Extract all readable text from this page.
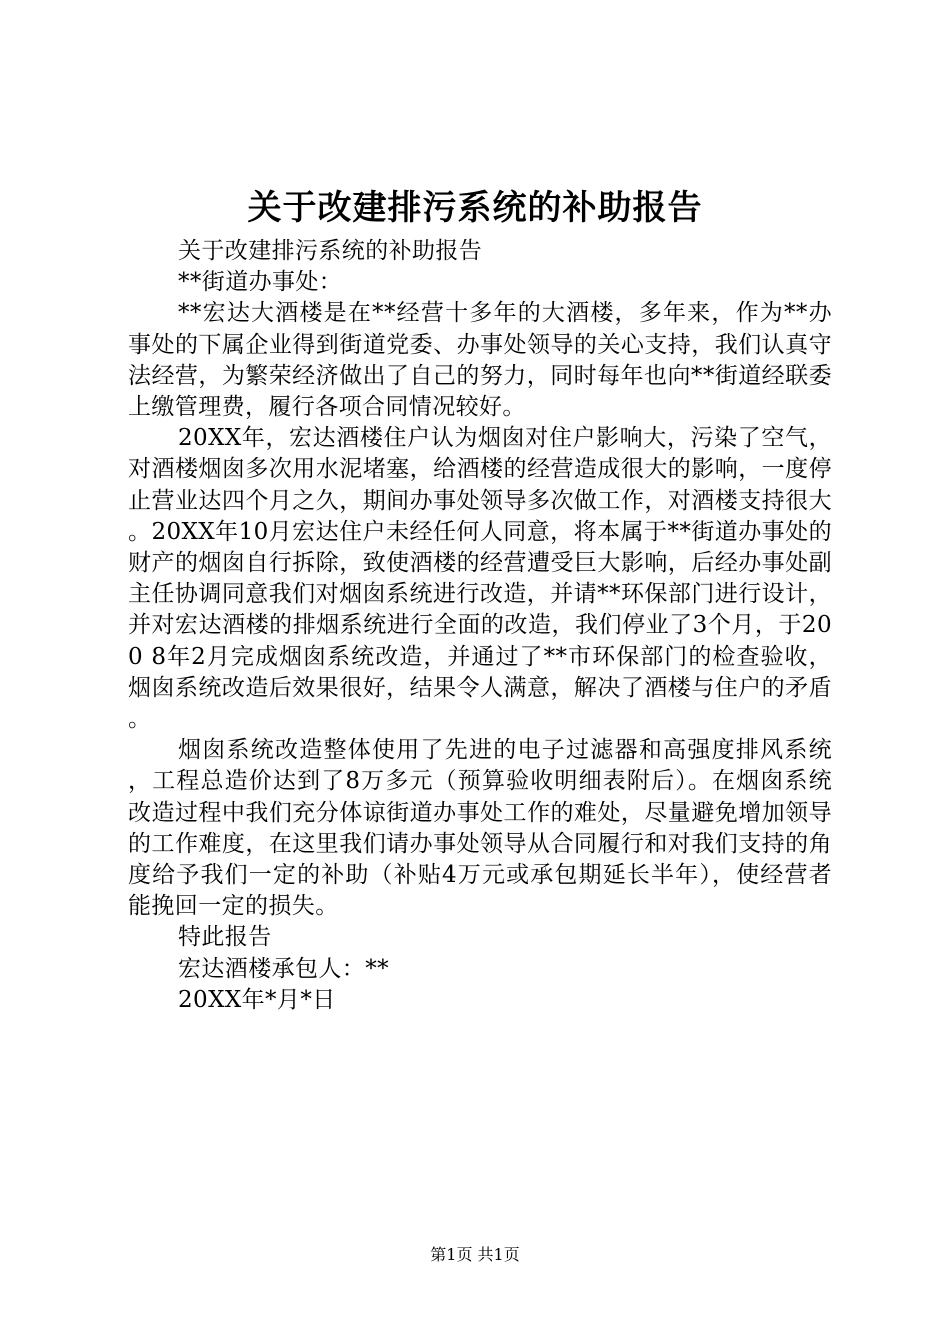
关于改建排污系统的补助报告

关于改建排污系统的补助报告

**街道办事处：

**宏达大酒楼是在**经营十多年的大酒楼，多年来，作为**办事处的下属企业得到街道党委、办事处领导的关心支持，我们认真守法经营，为繁荣经济做出了自己的努力，同时每年也向**街道经联委上缴管理费，履行各项合同情况较好。

20XX年，宏达酒楼住户认为烟囱对住户影响大，污染了空气，对酒楼烟囱多次用水泥堵塞，给酒楼的经营造成很大的影响，一度停止营业达四个月之久，期间办事处领导多次做工作，对酒楼支持很大。20XX年10月宏达住户未经任何人同意，将本属于**街道办事处的财产的烟囱自行拆除，致使酒楼的经营遭受巨大影响，后经办事处副主任协调同意我们对烟囱系统进行改造，并请**环保部门进行设计，并对宏达酒楼的排烟系统进行全面的改造，我们停业了3个月，于200 8年2月完成烟囱系统改造，并通过了**市环保部门的检查验收，烟囱系统改造后效果很好，结果令人满意，解决了酒楼与住户的矛盾。

烟囱系统改造整体使用了先进的电子过滤器和高强度排风系统，工程总造价达到了8万多元（预算验收明细表附后）。在烟囱系统改造过程中我们充分体谅街道办事处工作的难处，尽量避免增加领导的工作难度，在这里我们请办事处领导从合同履行和对我们支持的角度给予我们一定的补助（补贴4万元或承包期延长半年），使经营者能挽回一定的损失。

特此报告

宏达酒楼承包人：**

20XX年*月*日

第1页 共1页
